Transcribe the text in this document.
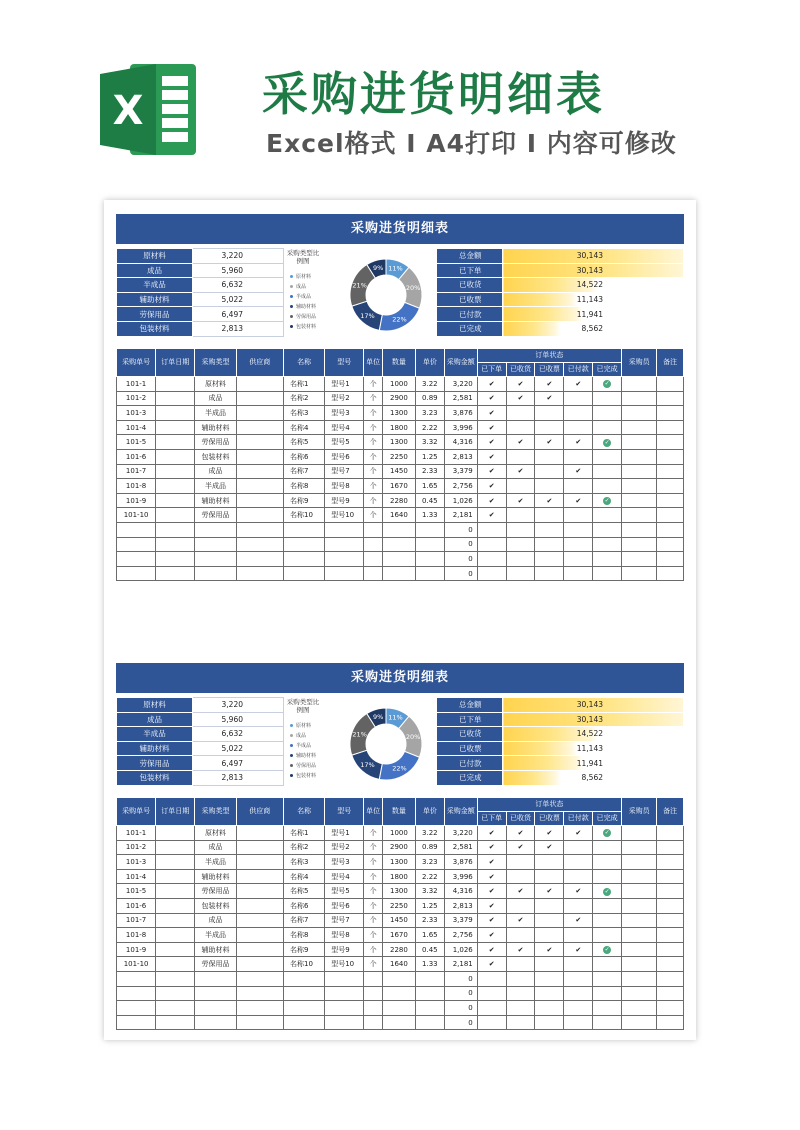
X	采购进货明细表
Excel格式 I A4打印 I 内容可修改
采购进货明细表
原材料	3,220
成品	5,960
半成品	6,632
辅助材料	5,022
劳保用品	6,497
包装材料	2,813
采购类型比例图
原材料
成品
半成品
辅助材料
劳保用品
包装材料
9% 11%
20%
22%
17%
21%
总金额	30,143
已下单	30,143
已收货	14,522
已收票	11,143
已付款	11,941
已完成	8,562
采购单号	订单日期	采购类型	供应商	名称	型号	单位	数量	单价	采购金额	订单状态					采购员	备注
										已下单	已收货	已收票	已付款	已完成		
101-1		原材料		名称1	型号1	个	1000	3.22	3,220	✔	✔	✔	✔	✓		
101-2		成品		名称2	型号2	个	2900	0.89	2,581	✔	✔	✔				
101-3		半成品		名称3	型号3	个	1300	3.23	3,876	✔						
101-4		辅助材料		名称4	型号4	个	1800	2.22	3,996	✔						
101-5		劳保用品		名称5	型号5	个	1300	3.32	4,316	✔	✔	✔	✔	✓		
101-6		包装材料		名称6	型号6	个	2250	1.25	2,813	✔						
101-7		成品		名称7	型号7	个	1450	2.33	3,379	✔	✔		✔			
101-8		半成品		名称8	型号8	个	1670	1.65	2,756	✔						
101-9		辅助材料		名称9	型号9	个	2280	0.45	1,026	✔	✔	✔	✔	✓		
101-10		劳保用品		名称10	型号10	个	1640	1.33	2,181	✔						
									0							
									0							
									0							
									0							
采购进货明细表
原材料	3,220
成品	5,960
半成品	6,632
辅助材料	5,022
劳保用品	6,497
包装材料	2,813
采购类型比例图
原材料
成品
半成品
辅助材料
劳保用品
包装材料
9% 11%
20%
22%
17%
21%
总金额	30,143
已下单	30,143
已收货	14,522
已收票	11,143
已付款	11,941
已完成	8,562
采购单号	订单日期	采购类型	供应商	名称	型号	单位	数量	单价	采购金额	订单状态					采购员	备注
										已下单	已收货	已收票	已付款	已完成		
101-1		原材料		名称1	型号1	个	1000	3.22	3,220	✔	✔	✔	✔	✓		
101-2		成品		名称2	型号2	个	2900	0.89	2,581	✔	✔	✔				
101-3		半成品		名称3	型号3	个	1300	3.23	3,876	✔						
101-4		辅助材料		名称4	型号4	个	1800	2.22	3,996	✔						
101-5		劳保用品		名称5	型号5	个	1300	3.32	4,316	✔	✔	✔	✔	✓		
101-6		包装材料		名称6	型号6	个	2250	1.25	2,813	✔						
101-7		成品		名称7	型号7	个	1450	2.33	3,379	✔	✔		✔			
101-8		半成品		名称8	型号8	个	1670	1.65	2,756	✔						
101-9		辅助材料		名称9	型号9	个	2280	0.45	1,026	✔	✔	✔	✔	✓		
101-10		劳保用品		名称10	型号10	个	1640	1.33	2,181	✔						
									0							
									0							
									0							
									0							
